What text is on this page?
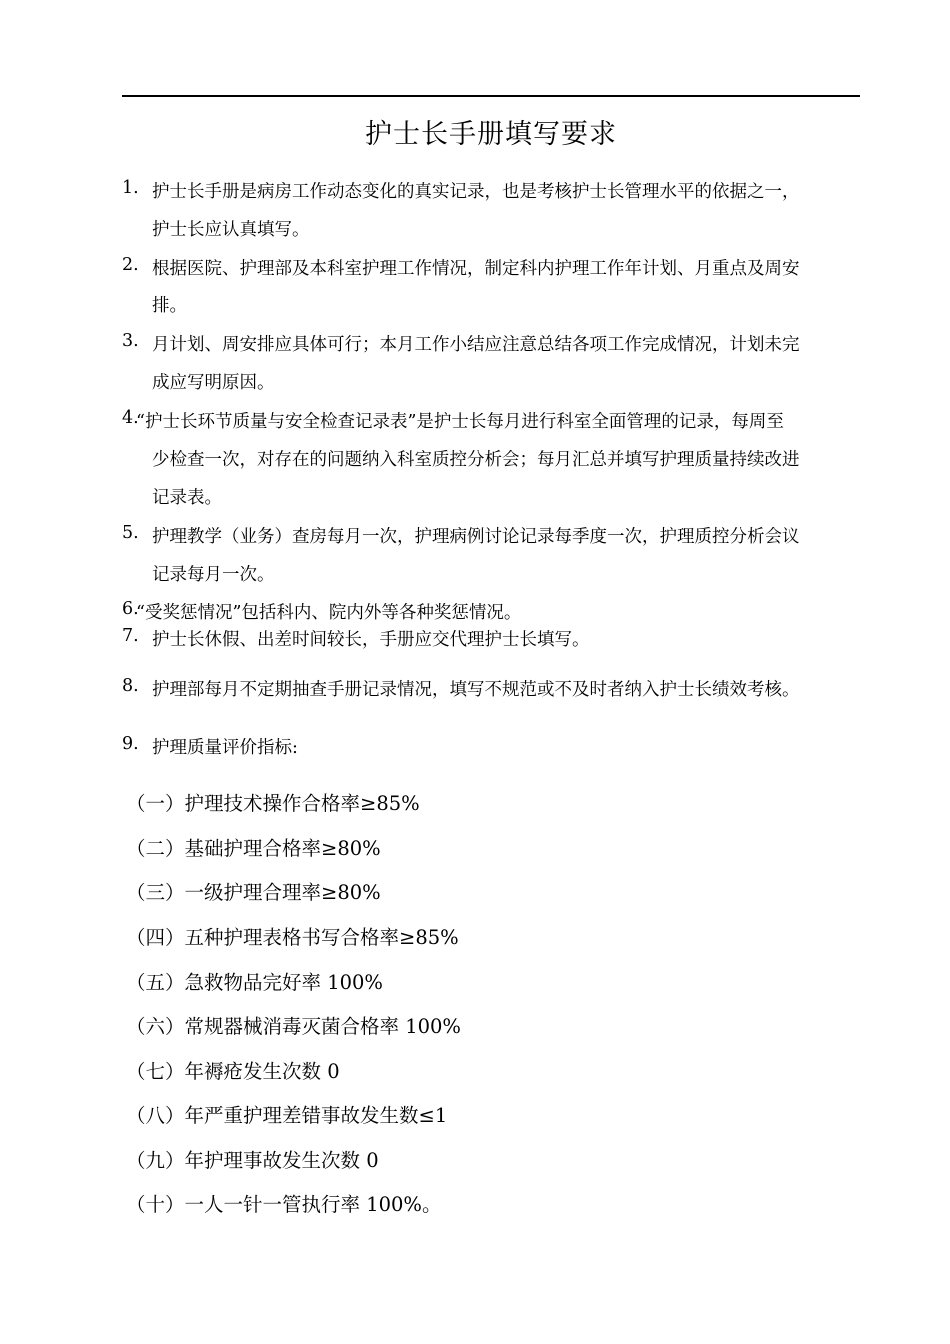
护士长手册填写要求
1. 护士长手册是病房工作动态变化的真实记录，也是考核护士长管理水平的依据之一，
护士长应认真填写。
2. 根据医院、护理部及本科室护理工作情况，制定科内护理工作年计划、月重点及周安
排。
3. 月计划、周安排应具体可行；本月工作小结应注意总结各项工作完成情况，计划未完
成应写明原因。
4.
“护士长环节质量与安全检查记录表”是护士长每月进行科室全面管理的记录，每周至
少检查一次，对存在的问题纳入科室质控分析会；每月汇总并填写护理质量持续改进
记录表。
5. 护理教学（业务）查房每月一次，护理病例讨论记录每季度一次，护理质控分析会议
记录每月一次。
6.
“受奖惩情况”包括科内、院内外等各种奖惩情况。
7. 护士长休假、出差时间较长，手册应交代理护士长填写。
8. 护理部每月不定期抽查手册记录情况，填写不规范或不及时者纳入护士长绩效考核。
9. 护理质量评价指标:
（一）护理技术操作合格率≥85%
（二）基础护理合格率≥80%
（三）一级护理合理率≥80%
（四）五种护理表格书写合格率≥85%
（五）急救物品完好率 100%
（六）常规器械消毒灭菌合格率 100%
（七）年褥疮发生次数 0
（八）年严重护理差错事故发生数≤1
（九）年护理事故发生次数 0
（十）一人一针一管执行率 100%。
